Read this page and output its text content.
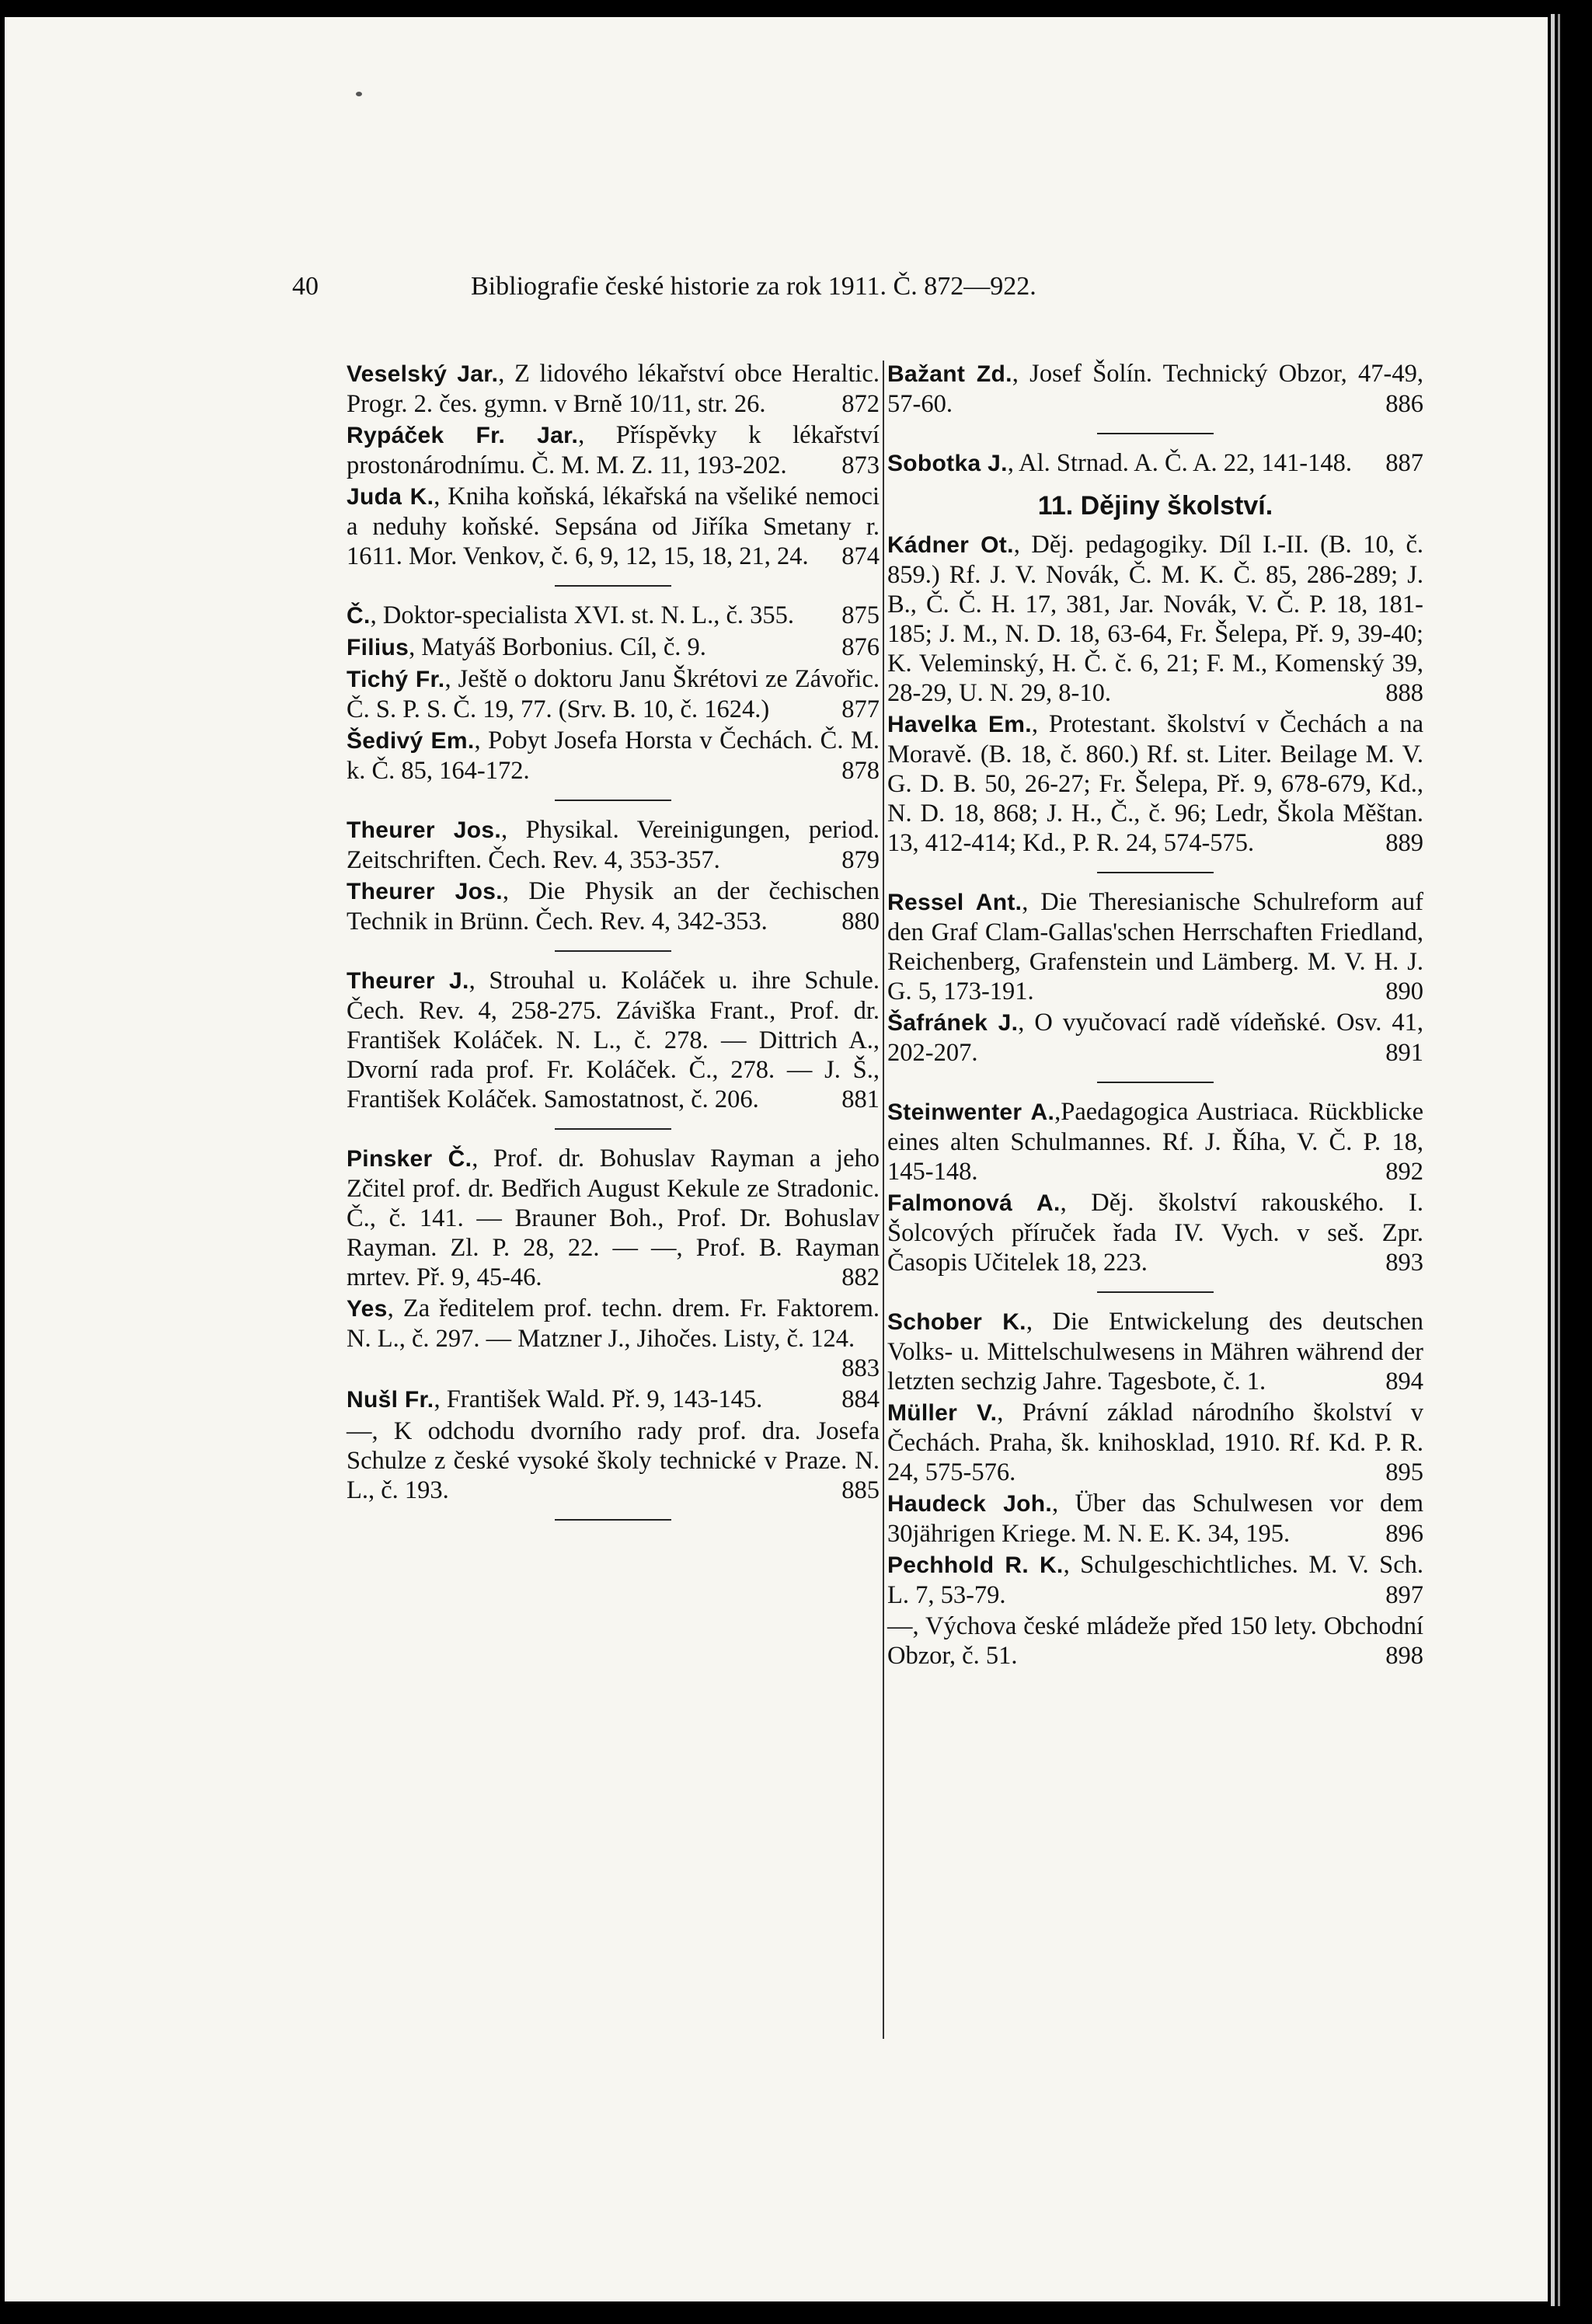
40	Bibliografie české historie za rok 1911. Č. 872—922.

Veselský Jar., Z lidového lékařství obce Heraltic. Progr. 2. čes. gymn. v Brně 10/11, str. 26.	872

Rypáček Fr. Jar., Příspěvky k lékařství prostonárodnímu. Č. M. M. Z. 11, 193-202. 873

Juda K., Kniha koňská, lékařská na všeliké nemoci a neduhy koňské. Sepsána od Jiříka Smetany r. 1611. Mor. Venkov, č. 6, 9, 12, 15, 18, 21, 24. 874

Č., Doktor-specialista XVI. st. N. L., č. 355. 875

Filius, Matyáš Borbonius. Cíl, č. 9.	876

Tichý Fr., Ještě o doktoru Janu Škrétovi ze Závořic. Č. S. P. S. Č. 19, 77. (Srv. B. 10, č. 1624.)	877

Šedivý Em., Pobyt Josefa Horsta v Čechách. Č. M. k. Č. 85, 164-172.	878

Theurer Jos., Physikal. Vereinigungen, period. Zeitschriften. Čech. Rev. 4, 353-357.	879

Theurer Jos., Die Physik an der čechischen Technik in Brünn. Čech. Rev. 4, 342-353.	880

Theurer J., Strouhal u. Koláček u. ihre Schule. Čech. Rev. 4, 258-275. Záviška Frant., Prof. dr. František Koláček. N. L., č. 278. — Dittrich A., Dvorní rada prof. Fr. Koláček. Č., 278. — J. Š., František Koláček. Samostatnost, č. 206.	881

Pinsker Č., Prof. dr. Bohuslav Rayman a jeho Zčitel prof. dr. Bedřich August Kekule ze Stradonic. Č., č. 141. — Brauner Boh., Prof. Dr. Bohuslav Rayman. Zl. P. 28, 22. — —, Prof. B. Rayman mrtev. Př. 9, 45-46.	882

Yes, Za ředitelem prof. techn. drem. Fr. Faktorem. N. L., č. 297. — Matzner J., Jihočes. Listy, č. 124.
883

Nušl Fr., František Wald. Př. 9, 143-145.	884

—, K odchodu dvorního rady prof. dra. Josefa Schulze z české vysoké školy technické v Praze. N. L., č. 193.	885

Bažant Zd., Josef Šolín. Technický Obzor, 47-49, 57-60.	886

Sobotka J., Al. Strnad. A. Č. A. 22, 141-148. 887

11. Dějiny školství.

Kádner Ot., Děj. pedagogiky. Díl I.-II. (B. 10, č. 859.) Rf. J. V. Novák, Č. M. K. Č. 85, 286-289; J. B., Č. Č. H. 17, 381, Jar. Novák, V. Č. P. 18, 181-185; J. M., N. D. 18, 63-64, Fr. Šelepa, Př. 9, 39-40; K. Veleminský, H. Č. č. 6, 21; F. M., Komenský 39, 28-29, U. N. 29, 8-10.	888

Havelka Em., Protestant. školství v Čechách a na Moravě. (B. 18, č. 860.) Rf. st. Liter. Beilage M. V. G. D. B. 50, 26-27; Fr. Šelepa, Př. 9, 678-679, Kd., N. D. 18, 868; J. H., Č., č. 96; Ledr, Škola Měštan. 13, 412-414; Kd., P. R. 24, 574-575.	889

Ressel Ant., Die Theresianische Schulreform auf den Graf Clam-Gallas'schen Herrschaften Friedland, Reichenberg, Grafenstein und Lämberg. M. V. H. J. G. 5, 173-191.	890

Šafránek J., O vyučovací radě vídeňské. Osv. 41, 202-207.	891

Steinwenter A.,Paedagogica Austriaca. Rückblicke eines alten Schulmannes. Rf. J. Říha, V. Č. P. 18, 145-148.	892

Falmonová A., Děj. školství rakouského. I. Šolcových příruček řada IV. Vych. v seš. Zpr. Časopis Učitelek 18, 223.	893

Schober K., Die Entwickelung des deutschen Volks- u. Mittelschulwesens in Mähren während der letzten sechzig Jahre. Tagesbote, č. 1.	894

Müller V., Právní základ národního školství v Čechách. Praha, šk. knihosklad, 1910. Rf. Kd. P. R. 24, 575-576.	895

Haudeck Joh., Über das Schulwesen vor dem 30jährigen Kriege. M. N. E. K. 34, 195.	896

Pechhold R. K., Schulgeschichtliches. M. V. Sch. L. 7, 53-79.	897

—, Výchova české mládeže před 150 lety. Obchodní Obzor, č. 51.	898
